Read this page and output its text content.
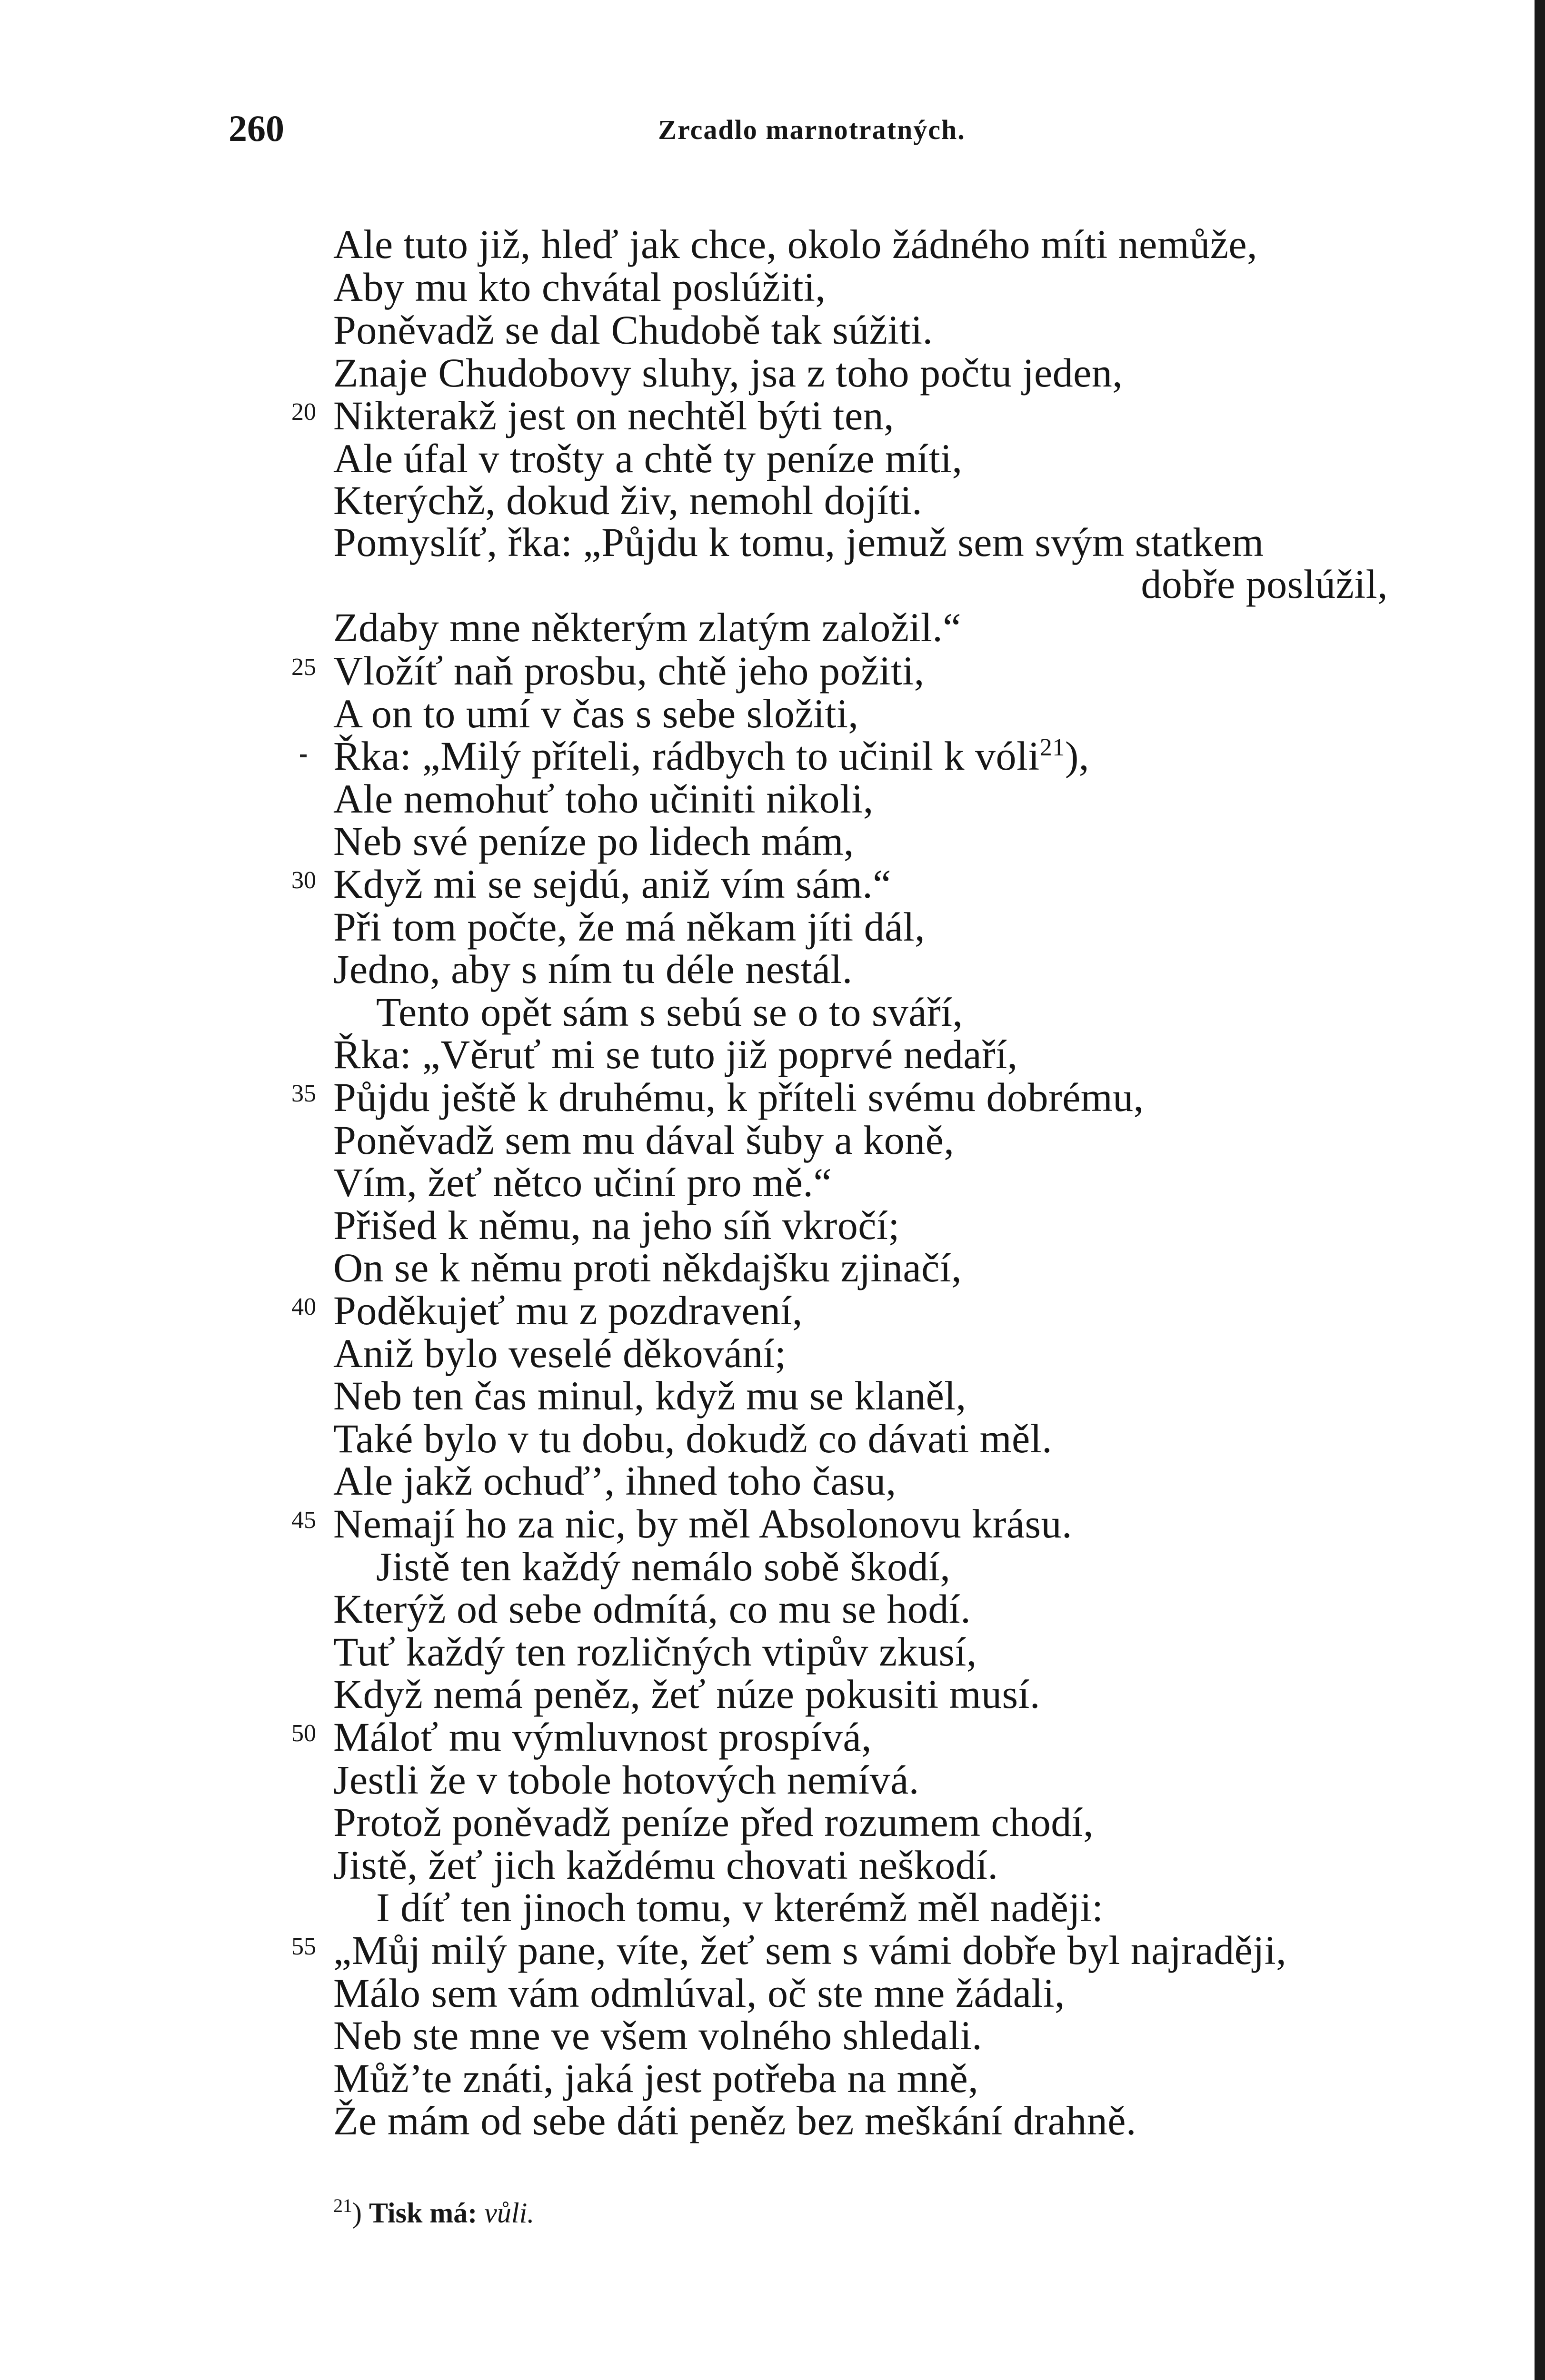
260	Zrcadlo marnotratných.
Ale tuto již, hleď jak chce, okolo žádného míti nemůže,
Aby mu kto chvátal poslúžiti,
Poněvadž se dal Chudobě tak súžiti.
Znaje Chudobovy sluhy, jsa z toho počtu jeden,
20 Nikterakž jest on nechtěl býti ten,
Ale úfal v trošty a chtě ty peníze míti,
Kterýchž, dokud živ, nemohl dojíti.
Pomyslíť, řka: „Půjdu k tomu, jemuž sem svým statkem
dobře poslúžil,
Zdaby mne některým zlatým založil.“
25 Vložíť naň prosbu, chtě jeho požiti,
A on to umí v čas s sebe složiti,
Řka: „Milý příteli, rádbych to učinil k vóli$^{21}$),
Ale nemohuť toho učiniti nikoli,
Neb své peníze po lidech mám,
30 Když mi se sejdú, aniž vím sám.“
Při tom počte, že má někam jíti dál,
Jedno, aby s ním tu déle nestál.
Tento opět sám s sebú se o to sváří,
Řka: „Věruť mi se tuto již poprvé nedaří,
35 Půjdu ještě k druhému, k příteli svému dobrému,
Poněvadž sem mu dával šuby a koně,
Vím, žeť nětco učiní pro mě.“
Přišed k němu, na jeho síň vkročí;
On se k němu proti někdajšku zjinačí,
40 Poděkujeť mu z pozdravení,
Aniž bylo veselé děkování;
Neb ten čas minul, když mu se klaněl,
Také bylo v tu dobu, dokudž co dávati měl.
Ale jakž ochuď’, ihned toho času,
45 Nemají ho za nic, by měl Absolonovu krásu.
Jistě ten každý nemálo sobě škodí,
Kterýž od sebe odmítá, co mu se hodí.
Tuť každý ten rozličných vtipův zkusí,
Když nemá peněz, žeť núze pokusiti musí.
50 Máloť mu výmluvnost prospívá,
Jestli že v tobole hotových nemívá.
Protož poněvadž peníze před rozumem chodí,
Jistě, žeť jich každému chovati neškodí.
I díť ten jinoch tomu, v kterémž měl naději:
55 „Můj milý pane, víte, žeť sem s vámi dobře byl najraději,
Málo sem vám odmlúval, oč ste mne žádali,
Neb ste mne ve všem volného shledali.
Můž’te znáti, jaká jest potřeba na mně,
Že mám od sebe dáti peněz bez meškání drahně.
$^{21}$) Tisk má: vůli.
